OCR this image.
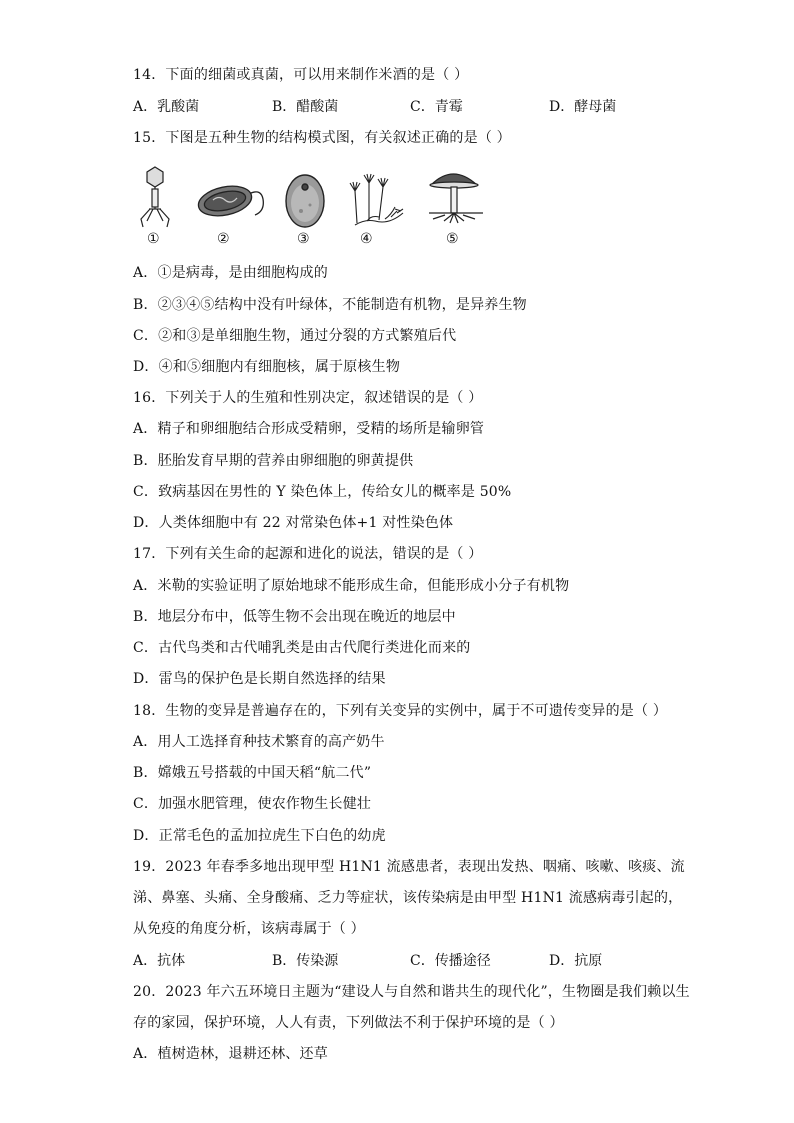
14．下面的细菌或真菌，可以用来制作米酒的是（ ）
A．乳酸菌	B．醋酸菌	C．青霉	D．酵母菌
15．下图是五种生物的结构模式图，有关叙述正确的是（ ）
①	②	③	④	⑤
A．①是病毒，是由细胞构成的
B．②③④⑤结构中没有叶绿体，不能制造有机物，是异养生物
C．②和③是单细胞生物，通过分裂的方式繁殖后代
D．④和⑤细胞内有细胞核，属于原核生物
16．下列关于人的生殖和性别决定，叙述错误的是（ ）
A．精子和卵细胞结合形成受精卵，受精的场所是输卵管
B．胚胎发育早期的营养由卵细胞的卵黄提供
C．致病基因在男性的 Y 染色体上，传给女儿的概率是 50%
D．人类体细胞中有 22 对常染色体+1 对性染色体
17．下列有关生命的起源和进化的说法，错误的是（ ）
A．米勒的实验证明了原始地球不能形成生命，但能形成小分子有机物
B．地层分布中，低等生物不会出现在晚近的地层中
C．古代鸟类和古代哺乳类是由古代爬行类进化而来的
D．雷鸟的保护色是长期自然选择的结果
18．生物的变异是普遍存在的，下列有关变异的实例中，属于不可遗传变异的是（ ）
A．用人工选择育种技术繁育的高产奶牛
B．嫦娥五号搭载的中国天稻“航二代”
C．加强水肥管理，使农作物生长健壮
D．正常毛色的孟加拉虎生下白色的幼虎
19．2023 年春季多地出现甲型 H1N1 流感患者，表现出发热、咽痛、咳嗽、咳痰、流
涕、鼻塞、头痛、全身酸痛、乏力等症状，该传染病是由甲型 H1N1 流感病毒引起的，
从免疫的角度分析，该病毒属于（ ）
A．抗体	B．传染源	C．传播途径	D．抗原
20．2023 年六五环境日主题为“建设人与自然和谐共生的现代化”，生物圈是我们赖以生
存的家园，保护环境，人人有责，下列做法不利于保护环境的是（ ）
A．植树造林，退耕还林、还草
